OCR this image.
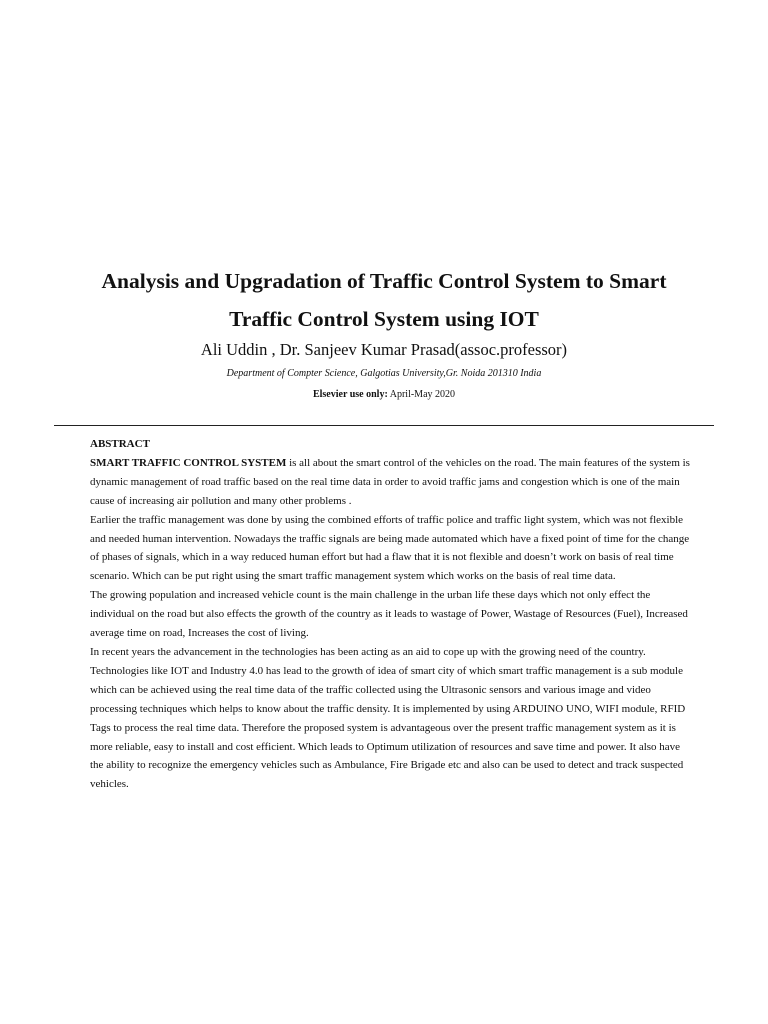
Analysis and Upgradation of Traffic Control System to Smart
Traffic Control System using IOT
Ali Uddin , Dr. Sanjeev Kumar Prasad(assoc.professor)
Department of Compter Science, Galgotias University,Gr. Noida 201310 India
Elsevier use only: April-May 2020

ABSTRACT

SMART TRAFFIC CONTROL SYSTEM is all about the smart control of the vehicles on the road. The main features of the system is dynamic management of road traffic based on the real time data in order to avoid traffic jams and congestion which is one of the main cause of increasing air pollution and many other problems .

Earlier the traffic management was done by using the combined efforts of traffic police and traffic light system, which was not flexible and needed human intervention. Nowadays the traffic signals are being made automated which have a fixed point of time for the change of phases of signals, which in a way reduced human effort but had a flaw that it is not flexible and doesn’t work on basis of real time scenario. Which can be put right using the smart traffic management system which works on the basis of real time data.

The growing population and increased vehicle count is the main challenge in the urban life these days which not only effect the individual on the road but also effects the growth of the country as it leads to wastage of Power, Wastage of Resources (Fuel), Increased average time on road, Increases the cost of living.

In recent years the advancement in the technologies has been acting as an aid to cope up with the growing need of the country. Technologies like IOT and Industry 4.0 has lead to the growth of idea of smart city of which smart traffic management is a sub module which can be achieved using the real time data of the traffic collected using the Ultrasonic sensors and various image and video processing techniques which helps to know about the traffic density. It is implemented by using ARDUINO UNO, WIFI module, RFID Tags to process the real time data. Therefore the proposed system is advantageous over the present traffic management system as it is more reliable, easy to install and cost efficient. Which leads to Optimum utilization of resources and save time and power. It also have the ability to recognize the emergency vehicles such as Ambulance, Fire Brigade etc and also can be used to detect and track suspected vehicles.
